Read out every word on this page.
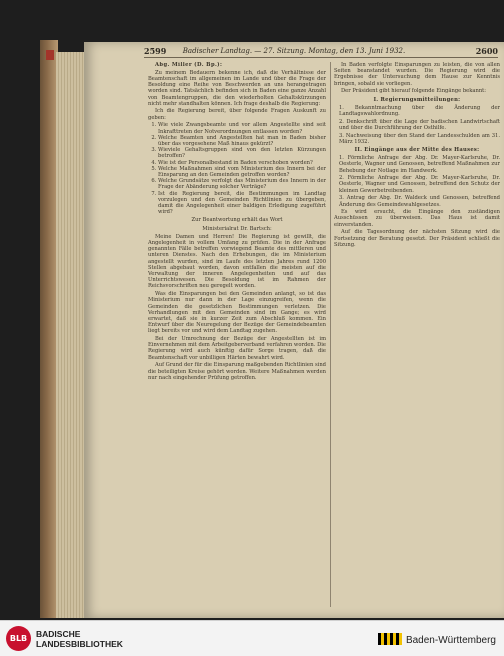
2599	Badischer Landtag. — 27. Sitzung. Montag, den 13. Juni 1932.	2600

Abg. Miller (D. Bp.):

Zu meinem Bedauern bekenne ich, daß die Verhältnisse der Beamtenschaft im allgemeinen im Lande und über die Frage der Besoldung eine Reihe von Beschwerden an uns herangetragen worden sind. Tatsächlich befinden sich in Baden eine ganze Anzahl von Beamtengruppen, die den wiederholten Gehaltskürzungen nicht mehr standhalten können. Ich frage deshalb die Regierung:

Ich die Regierung bereit, über folgende Fragen Auskunft zu geben:

1. Wie viele Zwangsbeamte und vor allem Angestellte sind seit Inkrafttreten der Notverordnungen entlassen worden?
2. Welche Beamten und Angestellten hat man in Baden bisher über das vorgesehene Maß hinaus gekürzt?
3. Wieviele Gehaltsgruppen sind von den letzten Kürzungen betroffen?
4. Wie ist der Personalbestand in Baden verschoben worden?
5. Welche Maßnahmen sind vom Ministerium des Innern bei der Einsparung an den Gemeinden getroffen worden?
6. Welche Grundsätze verfolgt das Ministerium des Innern in der Frage der Abänderung solcher Verträge?
7. Ist die Regierung bereit, die Bestimmungen im Landtag vorzulegen und den Gemeinden Richtlinien zu übergeben, damit die Angelegenheit einer baldigen Erledigung zugeführt wird?

Zur Beantwortung erhält das Wort

Ministerialrat Dr. Bartsch:

Meine Damen und Herren! Die Regierung ist gewillt, die Angelegenheit in vollem Umfang zu prüfen. Die in der Anfrage genannten Fälle betreffen vorwiegend Beamte des mittleren und unteren Dienstes. Nach den Erhebungen, die im Ministerium angestellt wurden, sind im Laufe des letzten Jahres rund 1200 Stellen abgebaut worden, davon entfallen die meisten auf die Verwaltung der inneren Angelegenheiten und auf das Unterrichtswesen. Die Besoldung ist im Rahmen der Reichsvorschriften neu geregelt worden.

Was die Einsparungen bei den Gemeinden anlangt, so ist das Ministerium nur dann in der Lage einzugreifen, wenn die Gemeinden die gesetzlichen Bestimmungen verletzen. Die Verhandlungen mit den Gemeinden sind im Gange; es wird erwartet, daß sie in kurzer Zeit zum Abschluß kommen. Ein Entwurf über die Neuregelung der Bezüge der Gemeindebeamten liegt bereits vor und wird dem Landtag zugehen.

Bei der Umrechnung der Bezüge der Angestellten ist im Einvernehmen mit dem Arbeitgeberverband verfahren worden. Die Regierung wird auch künftig dafür Sorge tragen, daß die Beamtenschaft vor unbilligen Härten bewahrt wird.

Auf Grund der für die Einsparung maßgebenden Richtlinien sind die beteiligten Kreise gehört worden. Weitere Maßnahmen werden nur nach eingehender Prüfung getroffen.

In Baden verfolgte Einsparungen zu leisten, die von allen Seiten beanstandet wurden. Die Regierung wird die Ergebnisse der Untersuchung dem Hause zur Kenntnis bringen, sobald sie vorliegen.

Der Präsident gibt hierauf folgende Eingänge bekannt:

I. Regierungsmitteilungen:

1. Bekanntmachung über die Änderung der Landtagswahlordnung.

2. Denkschrift über die Lage der badischen Landwirtschaft und über die Durchführung der Osthilfe.

3. Nachweisung über den Stand der Landesschulden am 31. März 1932.

II. Eingänge aus der Mitte des Hauses:

1. Förmliche Anfrage der Abg. Dr. Mayer-Karlsruhe, Dr. Oesterle, Wagner und Genossen, betreffend Maßnahmen zur Behebung der Notlage im Handwerk.

2. Förmliche Anfrage der Abg. Dr. Mayer-Karlsruhe, Dr. Oesterle, Wagner und Genossen, betreffend den Schutz der kleinen Gewerbetreibenden.

3. Antrag der Abg. Dr. Waldeck und Genossen, betreffend Änderung des Gemeindewahlgesetzes.

Es wird ersucht, die Eingänge den zuständigen Ausschüssen zu überweisen. Das Haus ist damit einverstanden.

Auf die Tagesordnung der nächsten Sitzung wird die Fortsetzung der Beratung gesetzt. Der Präsident schließt die Sitzung.

BLB	BADISCHE
LANDESBIBLIOTHEK	Baden-Württemberg
